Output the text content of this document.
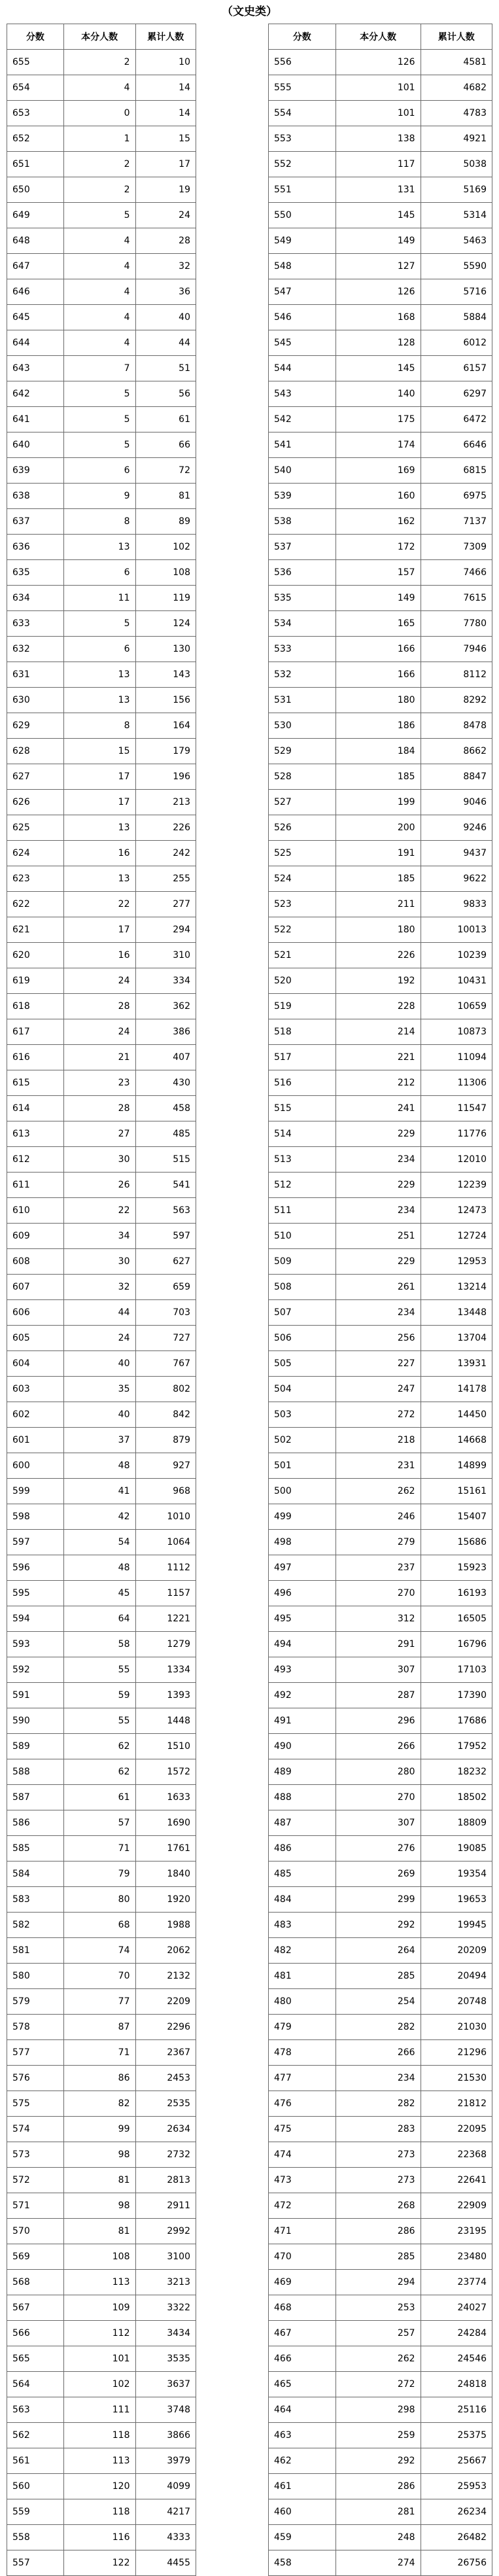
（文史类）
分数	本分人数	累计人数
655	2	10
654	4	14
653	0	14
652	1	15
651	2	17
650	2	19
649	5	24
648	4	28
647	4	32
646	4	36
645	4	40
644	4	44
643	7	51
642	5	56
641	5	61
640	5	66
639	6	72
638	9	81
637	8	89
636	13	102
635	6	108
634	11	119
633	5	124
632	6	130
631	13	143
630	13	156
629	8	164
628	15	179
627	17	196
626	17	213
625	13	226
624	16	242
623	13	255
622	22	277
621	17	294
620	16	310
619	24	334
618	28	362
617	24	386
616	21	407
615	23	430
614	28	458
613	27	485
612	30	515
611	26	541
610	22	563
609	34	597
608	30	627
607	32	659
606	44	703
605	24	727
604	40	767
603	35	802
602	40	842
601	37	879
600	48	927
599	41	968
598	42	1010
597	54	1064
596	48	1112
595	45	1157
594	64	1221
593	58	1279
592	55	1334
591	59	1393
590	55	1448
589	62	1510
588	62	1572
587	61	1633
586	57	1690
585	71	1761
584	79	1840
583	80	1920
582	68	1988
581	74	2062
580	70	2132
579	77	2209
578	87	2296
577	71	2367
576	86	2453
575	82	2535
574	99	2634
573	98	2732
572	81	2813
571	98	2911
570	81	2992
569	108	3100
568	113	3213
567	109	3322
566	112	3434
565	101	3535
564	102	3637
563	111	3748
562	118	3866
561	113	3979
560	120	4099
559	118	4217
558	116	4333
557	122	4455
分数	本分人数	累计人数
556	126	4581
555	101	4682
554	101	4783
553	138	4921
552	117	5038
551	131	5169
550	145	5314
549	149	5463
548	127	5590
547	126	5716
546	168	5884
545	128	6012
544	145	6157
543	140	6297
542	175	6472
541	174	6646
540	169	6815
539	160	6975
538	162	7137
537	172	7309
536	157	7466
535	149	7615
534	165	7780
533	166	7946
532	166	8112
531	180	8292
530	186	8478
529	184	8662
528	185	8847
527	199	9046
526	200	9246
525	191	9437
524	185	9622
523	211	9833
522	180	10013
521	226	10239
520	192	10431
519	228	10659
518	214	10873
517	221	11094
516	212	11306
515	241	11547
514	229	11776
513	234	12010
512	229	12239
511	234	12473
510	251	12724
509	229	12953
508	261	13214
507	234	13448
506	256	13704
505	227	13931
504	247	14178
503	272	14450
502	218	14668
501	231	14899
500	262	15161
499	246	15407
498	279	15686
497	237	15923
496	270	16193
495	312	16505
494	291	16796
493	307	17103
492	287	17390
491	296	17686
490	266	17952
489	280	18232
488	270	18502
487	307	18809
486	276	19085
485	269	19354
484	299	19653
483	292	19945
482	264	20209
481	285	20494
480	254	20748
479	282	21030
478	266	21296
477	234	21530
476	282	21812
475	283	22095
474	273	22368
473	273	22641
472	268	22909
471	286	23195
470	285	23480
469	294	23774
468	253	24027
467	257	24284
466	262	24546
465	272	24818
464	298	25116
463	259	25375
462	292	25667
461	286	25953
460	281	26234
459	248	26482
458	274	26756
